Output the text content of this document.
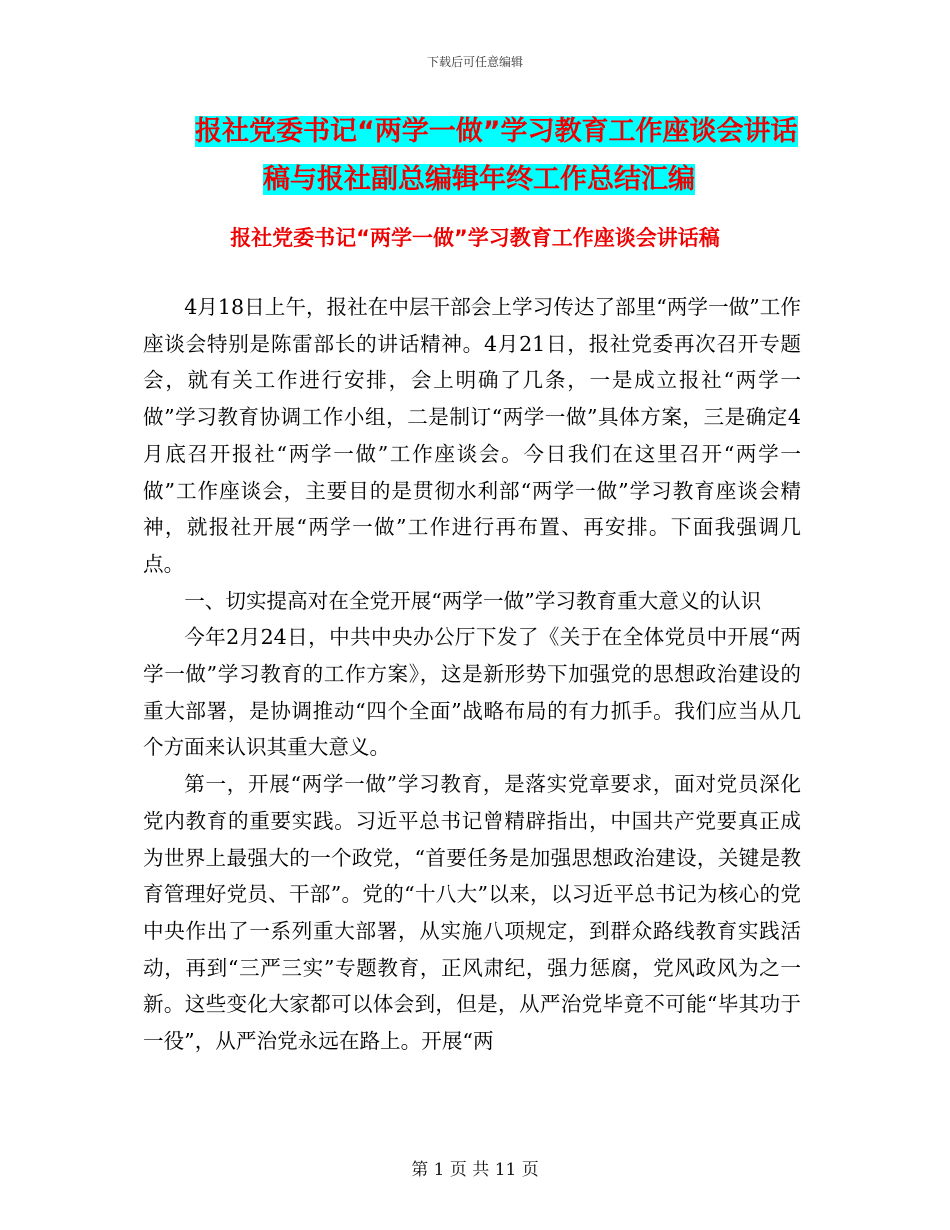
下载后可任意编辑
报社党委书记“两学一做”学习教育工作座谈会讲话
稿与报社副总编辑年终工作总结汇编
报社党委书记“两学一做”学习教育工作座谈会讲话稿

4月18日上午，报社在中层干部会上学习传达了部里“两学一做”工作座谈会特别是陈雷部长的讲话精神。4月21日，报社党委再次召开专题会，就有关工作进行安排，会上明确了几条，一是成立报社“两学一做”学习教育协调工作小组，二是制订“两学一做”具体方案，三是确定4月底召开报社“两学一做”工作座谈会。今日我们在这里召开“两学一做”工作座谈会，主要目的是贯彻水利部“两学一做”学习教育座谈会精神，就报社开展“两学一做”工作进行再布置、再安排。下面我强调几点。

一、切实提高对在全党开展“两学一做”学习教育重大意义的认识

今年2月24日，中共中央办公厅下发了《关于在全体党员中开展“两学一做”学习教育的工作方案》，这是新形势下加强党的思想政治建设的重大部署，是协调推动“四个全面”战略布局的有力抓手。我们应当从几个方面来认识其重大意义。

第一，开展“两学一做”学习教育，是落实党章要求，面对党员深化党内教育的重要实践。习近平总书记曾精辟指出，中国共产党要真正成为世界上最强大的一个政党，“首要任务是加强思想政治建设，关键是教育管理好党员、干部”。党的“十八大”以来，以习近平总书记为核心的党中央作出了一系列重大部署，从实施八项规定，到群众路线教育实践活动，再到“三严三实”专题教育，正风肃纪，强力惩腐，党风政风为之一新。这些变化大家都可以体会到，但是，从严治党毕竟不可能“毕其功于一役”，从严治党永远在路上。开展“两

第 1 页 共 11 页
